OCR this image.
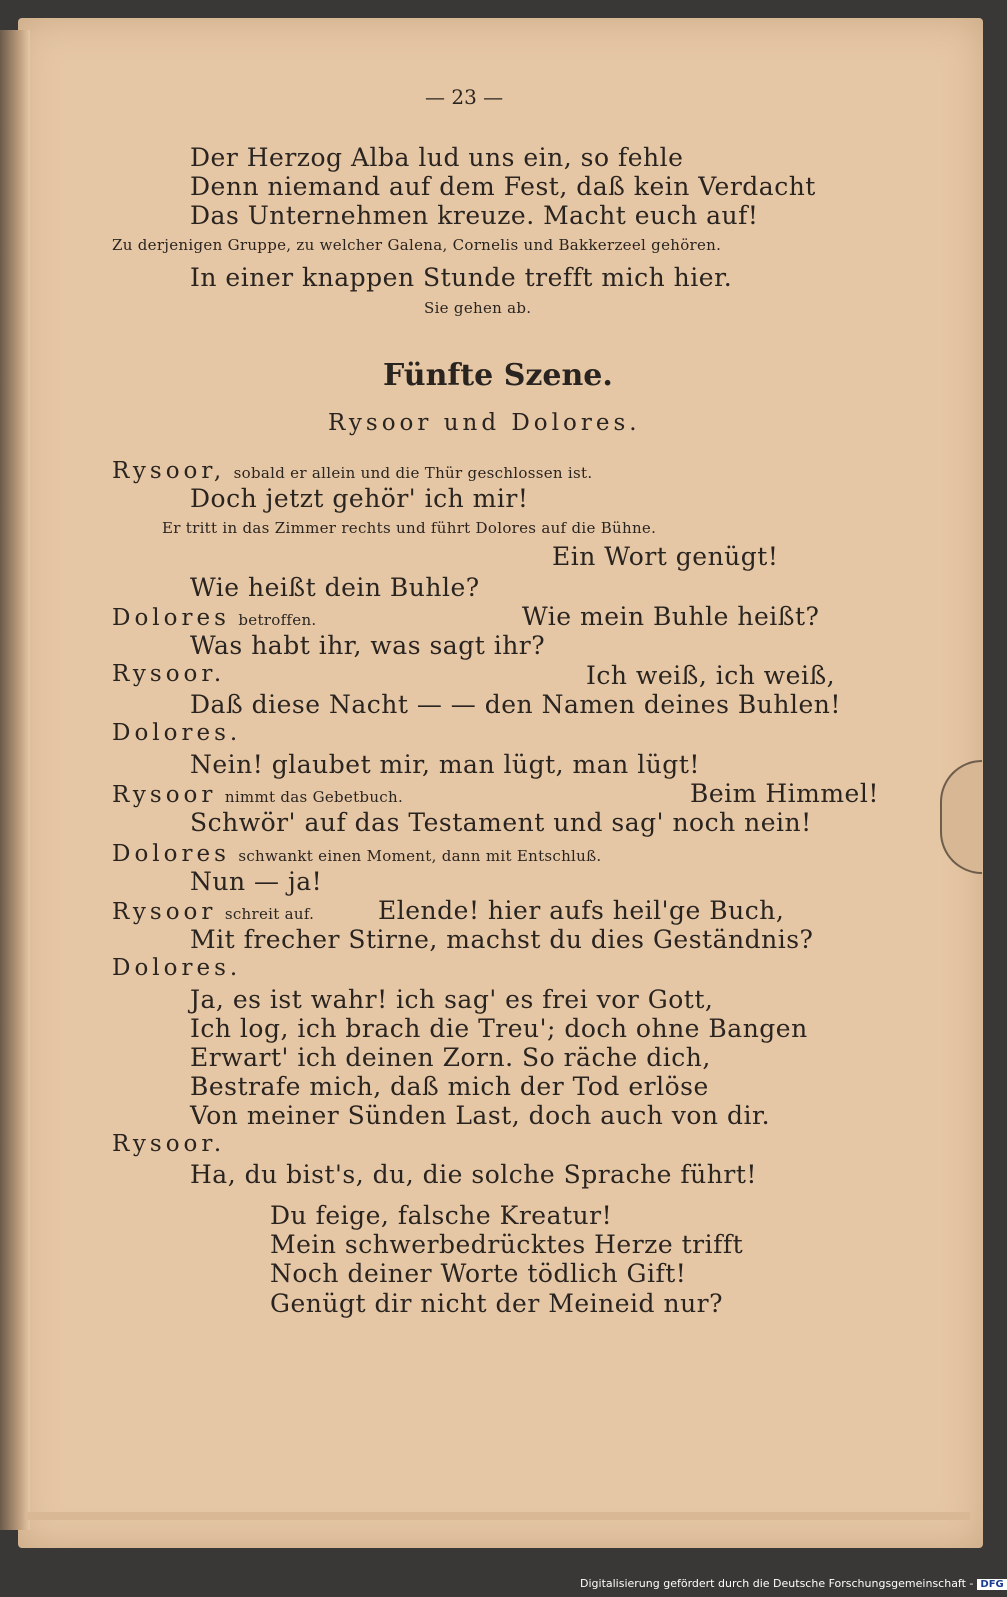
— 23 —
Der Herzog Alba lud uns ein, so fehle
Denn niemand auf dem Fest, daß kein Verdacht
Das Unternehmen kreuze. Macht euch auf!
Zu derjenigen Gruppe, zu welcher Galena, Cornelis und Bakkerzeel gehören.
In einer knappen Stunde trefft mich hier.
Sie gehen ab.
Fünfte Szene.
Rysoor und Dolores.
Rysoor, sobald er allein und die Thür geschlossen ist.
Doch jetzt gehör' ich mir!
Er tritt in das Zimmer rechts und führt Dolores auf die Bühne.
Ein Wort genügt!
Wie heißt dein Buhle?
Dolores betroffen.	Wie mein Buhle heißt?
Was habt ihr, was sagt ihr?
Rysoor.	Ich weiß, ich weiß,
Daß diese Nacht — — den Namen deines Buhlen!
Dolores.
Nein! glaubet mir, man lügt, man lügt!
Rysoor nimmt das Gebetbuch.	Beim Himmel!
Schwör' auf das Testament und sag' noch nein!
Dolores schwankt einen Moment, dann mit Entschluß.
Nun — ja!
Rysoor schreit auf.	Elende! hier aufs heil'ge Buch,
Mit frecher Stirne, machst du dies Geständnis?
Dolores.
Ja, es ist wahr! ich sag' es frei vor Gott,
Ich log, ich brach die Treu'; doch ohne Bangen
Erwart' ich deinen Zorn. So räche dich,
Bestrafe mich, daß mich der Tod erlöse
Von meiner Sünden Last, doch auch von dir.
Rysoor.
Ha, du bist's, du, die solche Sprache führt!
Du feige, falsche Kreatur!
Mein schwerbedrücktes Herze trifft
Noch deiner Worte tödlich Gift!
Genügt dir nicht der Meineid nur?
Digitalisierung gefördert durch die Deutsche Forschungsgemeinschaft - DFG
